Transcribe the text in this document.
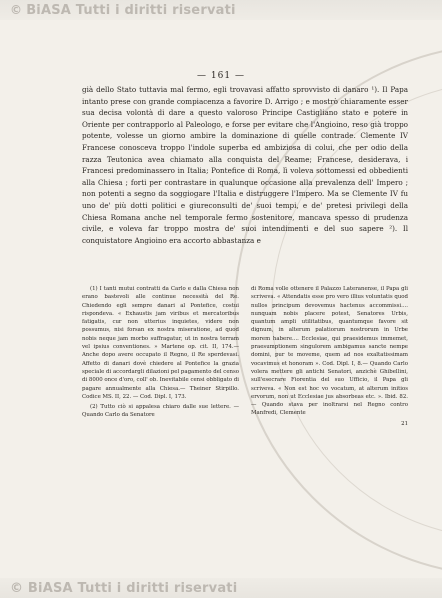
© BiASA Tutti i diritti riservati
— 161 —

già dello Stato tuttavia mal fermo, egli trovavasi affatto sprovvisto di danaro ¹). Il Papa intanto prese con grande compiacenza a favorire D. Arrigo ; e mostrò chiaramente esser sua decisa volontà di dare a questo valoroso Principe Castigliano stato e potere in Oriente per contrapporlo al Paleologo, e forse per evitare che l'Angioino, reso già troppo potente, volesse un giorno ambire la dominazione di quelle contrade. Clemente IV Francese conosceva troppo l'indole superba ed ambiziosa di colui, che per odio della razza Teutonica avea chiamato alla conquista del Reame; Francese, desiderava, i Francesi predominassero in Italia; Pontefice di Roma, lì voleva sottomessi ed obbedienti alla Chiesa ; forti per contrastare in qualunque occasione alla prevalenza dell' Impero ; non potenti a segno da soggiogare l'Italia e distruggere l'Impero. Ma se Clemente IV fu uno de' più dotti politici e giureconsulti de' suoi tempi, e de' pretesi privilegi della Chiesa Romana anche nel temporale fermo sostenitore, mancava spesso di prudenza civile, e voleva far troppo mostra de' suoi intendimenti e del suo sapere ²). Il conquistatore Angioino era accorto abbastanza e

(1) I tanti mutui contratti da Carlo e dalla Chiesa non erano bastevoli alle continue necessità del Re. Chiedendo egli sempre danari al Pontefice, costui rispondeva. « Exhaustis jam viribus et mercatoribus fatigatis, cur non utterius inquietes, videre non possumus, nisi forsan ex nostra miseratione, ad quod nobis neque jam morbo suffragatur, ut in nostra terram vel ipsius conventiones. » Martene op. cit. II, 174.— Anche dopo avere occupato il Regno, il Re sperdevasi. Affetto di danari dovè chiedere al Pontefice la grazia speciale di accordargli dilazioni pel pagamento del censo di 8000 once d'oro, coll' ob. Inevitabile censi obbligato di pagare annualmente alla Chiesa.— Theiner Stirpillo. Codice MS. II, 22. — Cod. Dipl. I, 173.

(2) Tutto ciò si appalesa chiaro dalle sue lettere. — Quando Carlo da Senatore

di Roma volle ottenere il Palazzo Lateranense, il Papa gli scriveva. « Attendatis esse pro vero illius voluntatis quod nullos principum devovemus hactenus accommissi.... nunquam nobis placere potest, Senatores Urbis, quantum ampli utilitatibus, quantumque favore sit dignum, in alterum palatiorum nostrorum in Urbe morem habere.... Ecclesiae, qui praesidemus immemet, praesumptionem singulorem ambigamus sancte nempe domini, pur te moveme, quem ad nos exaltatissimam vocavimus et honoram ». Cod. Dipl. I, 8.— Quando Carlo volera mettere gli antichi Senatori, anzichè Ghibellini, sull'esecrare Fiorentia del suo Ufficio, il Papa gli scriveva. « Non est hoc vo vocatum, at alterum initios ervorum, non ut Ecclesiae jus absorbeas etc. ». Ibid. 82.— Quando stava per inoltrarsi nel Regno contro Manfredi, Clemente

21
© BiASA Tutti i diritti riservati
